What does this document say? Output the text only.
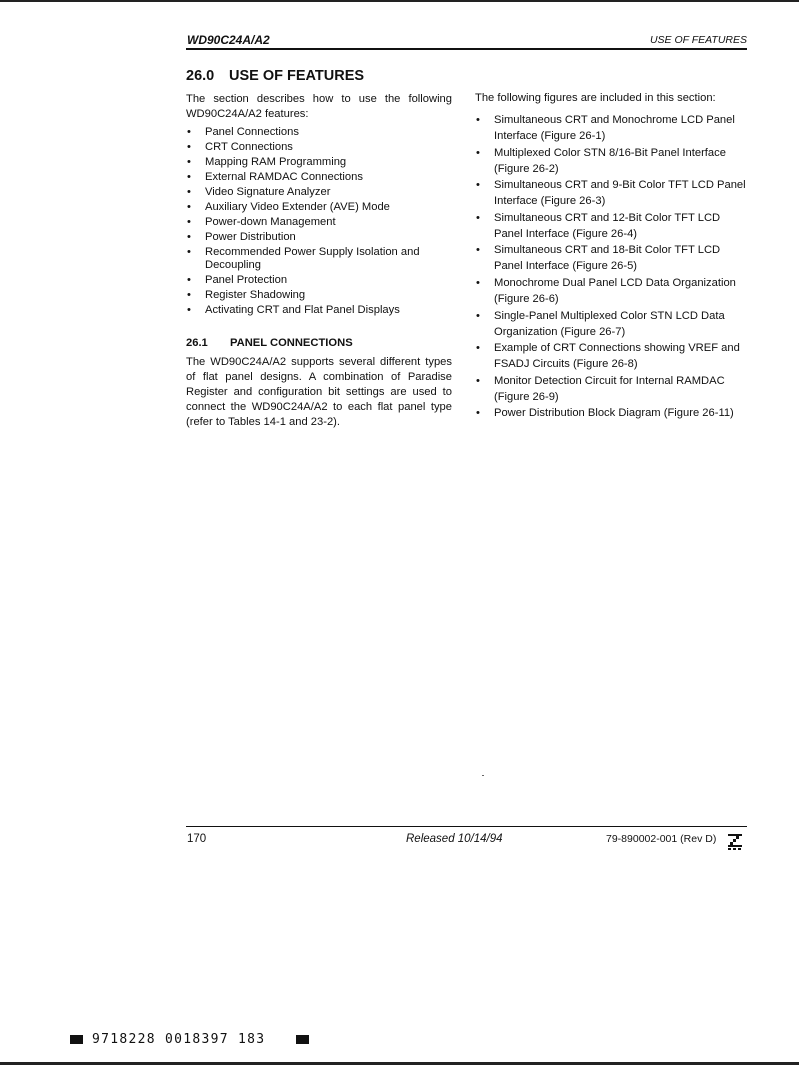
WD90C24A/A2	USE OF FEATURES
26.0 USE OF FEATURES

The section describes how to use the following WD90C24A/A2 features:

• Panel Connections
• CRT Connections
• Mapping RAM Programming
• External RAMDAC Connections
• Video Signature Analyzer
• Auxiliary Video Extender (AVE) Mode
• Power-down Management
• Power Distribution
• Recommended Power Supply Isolation and Decoupling
• Panel Protection
• Register Shadowing
• Activating CRT and Flat Panel Displays
26.1 PANEL CONNECTIONS

The WD90C24A/A2 supports several different types of flat panel designs. A combination of Paradise Register and configuration bit settings are used to connect the WD90C24A/A2 to each flat panel type (refer to Tables 14-1 and 23-2).

The following figures are included in this section:

• Simultaneous CRT and Monochrome LCD Panel Interface (Figure 26-1)
• Multiplexed Color STN 8/16-Bit Panel Interface (Figure 26-2)
• Simultaneous CRT and 9-Bit Color TFT LCD Panel Interface (Figure 26-3)
• Simultaneous CRT and 12-Bit Color TFT LCD Panel Interface (Figure 26-4)
• Simultaneous CRT and 18-Bit Color TFT LCD Panel Interface (Figure 26-5)
• Monochrome Dual Panel LCD Data Organization (Figure 26-6)
• Single-Panel Multiplexed Color STN LCD Data Organization (Figure 26-7)
• Example of CRT Connections showing VREF and FSADJ Circuits (Figure 26-8)
• Monitor Detection Circuit for Internal RAMDAC (Figure 26-9)
• Power Distribution Block Diagram (Figure 26-11)
170	Released 10/14/94	79-890002-001 (Rev D)
9718228 0018397 183
